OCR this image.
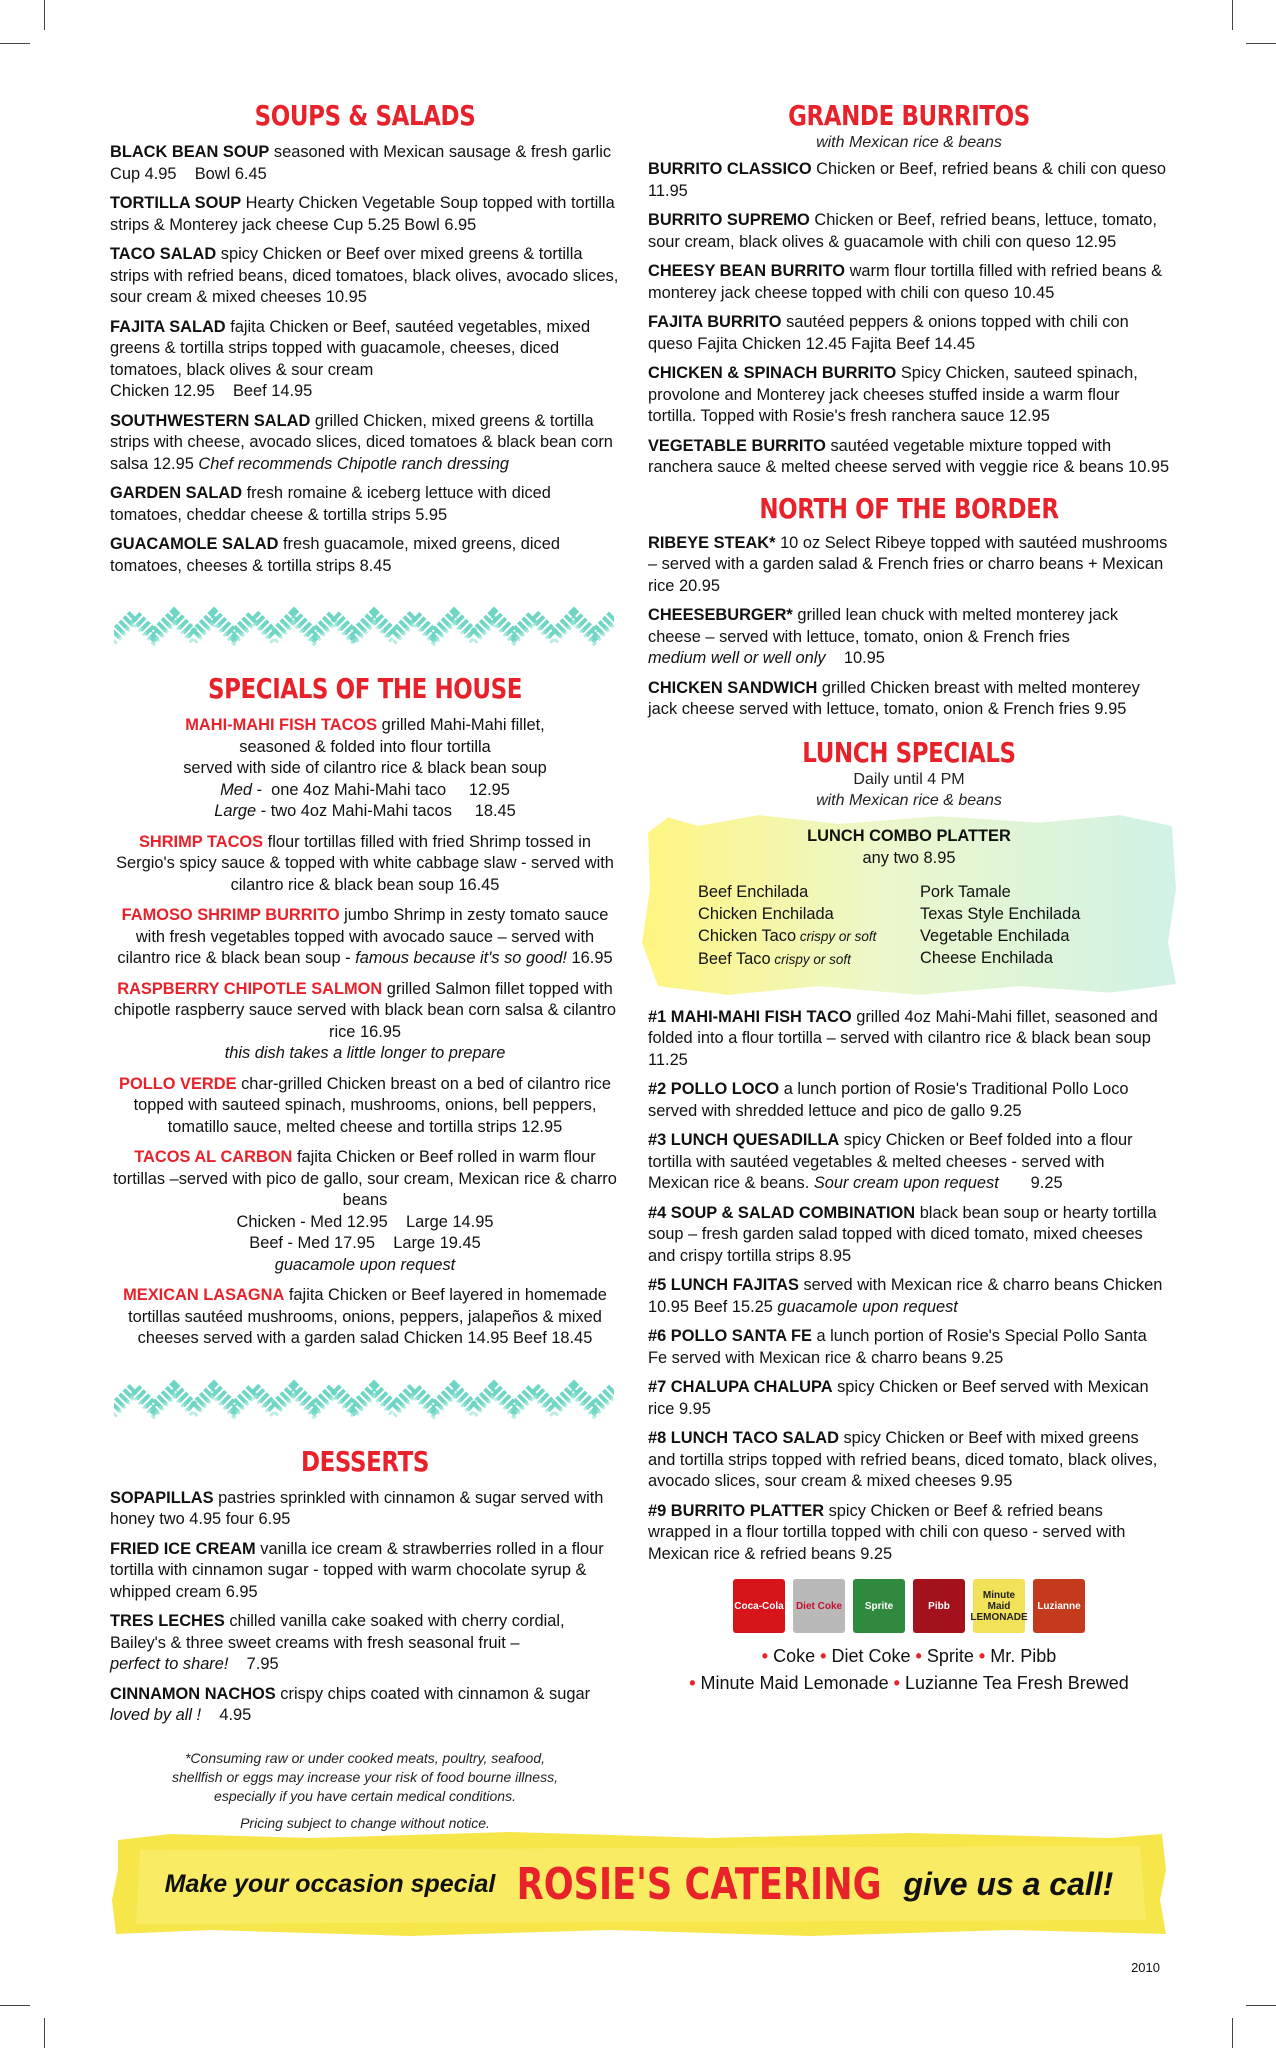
SOUPS & SALADS

BLACK BEAN SOUP seasoned with Mexican sausage & fresh garlic
Cup 4.95    Bowl 6.45

TORTILLA SOUP Hearty Chicken Vegetable Soup topped with tortilla strips & Monterey jack cheese Cup 5.25 Bowl 6.95

TACO SALAD spicy Chicken or Beef over mixed greens & tortilla strips with refried beans, diced tomatoes, black olives, avocado slices, sour cream & mixed cheeses 10.95

FAJITA SALAD fajita Chicken or Beef, sautéed vegetables, mixed greens & tortilla strips topped with guacamole, cheeses, diced tomatoes, black olives & sour cream
Chicken 12.95    Beef 14.95

SOUTHWESTERN SALAD grilled Chicken, mixed greens & tortilla strips with cheese, avocado slices, diced tomatoes & black bean corn salsa 12.95 Chef recommends Chipotle ranch dressing

GARDEN SALAD fresh romaine & iceberg lettuce with diced tomatoes, cheddar cheese & tortilla strips 5.95

GUACAMOLE SALAD fresh guacamole, mixed greens, diced tomatoes, cheeses & tortilla strips 8.45

SPECIALS OF THE HOUSE
MAHI-MAHI FISH TACOS grilled Mahi-Mahi fillet,
seasoned & folded into flour tortilla
served with side of cilantro rice & black bean soup
Med -  one 4oz Mahi-Mahi taco     12.95
Large - two 4oz Mahi-Mahi tacos     18.45
SHRIMP TACOS flour tortillas filled with fried Shrimp tossed in Sergio's spicy sauce & topped with white cabbage slaw - served with cilantro rice & black bean soup 16.45
FAMOSO SHRIMP BURRITO jumbo Shrimp in zesty tomato sauce with fresh vegetables topped with avocado sauce – served with cilantro rice & black bean soup - famous because it's so good! 16.95
RASPBERRY CHIPOTLE SALMON grilled Salmon fillet topped with chipotle raspberry sauce served with black bean corn salsa & cilantro rice 16.95
this dish takes a little longer to prepare
POLLO VERDE char-grilled Chicken breast on a bed of cilantro rice topped with sauteed spinach, mushrooms, onions, bell peppers, tomatillo sauce, melted cheese and tortilla strips 12.95
TACOS AL CARBON fajita Chicken or Beef rolled in warm flour tortillas –served with pico de gallo, sour cream, Mexican rice & charro beans
Chicken - Med 12.95    Large 14.95
Beef - Med 17.95    Large 19.45
guacamole upon request
MEXICAN LASAGNA fajita Chicken or Beef layered in homemade tortillas sautéed mushrooms, onions, peppers, jalapeños & mixed cheeses served with a garden salad Chicken 14.95 Beef 18.45
DESSERTS

SOPAPILLAS pastries sprinkled with cinnamon & sugar served with honey two 4.95 four 6.95

FRIED ICE CREAM vanilla ice cream & strawberries rolled in a flour tortilla with cinnamon sugar - topped with warm chocolate syrup & whipped cream 6.95

TRES LECHES chilled vanilla cake soaked with cherry cordial, Bailey's & three sweet creams with fresh seasonal fruit –
perfect to share!    7.95

CINNAMON NACHOS crispy chips coated with cinnamon & sugar
loved by all !    4.95

*Consuming raw or under cooked meats, poultry, seafood,
shellfish or eggs may increase your risk of food bourne illness,
especially if you have certain medical conditions.

Pricing subject to change without notice.

GRANDE BURRITOS

with Mexican rice & beans

BURRITO CLASSICO Chicken or Beef, refried beans & chili con queso 11.95

BURRITO SUPREMO Chicken or Beef, refried beans, lettuce, tomato, sour cream, black olives & guacamole with chili con queso 12.95

CHEESY BEAN BURRITO warm flour tortilla filled with refried beans & monterey jack cheese topped with chili con queso 10.45

FAJITA BURRITO sautéed peppers & onions topped with chili con queso Fajita Chicken 12.45 Fajita Beef 14.45

CHICKEN & SPINACH BURRITO Spicy Chicken, sauteed spinach, provolone and Monterey jack cheeses stuffed inside a warm flour tortilla. Topped with Rosie's fresh ranchera sauce 12.95

VEGETABLE BURRITO sautéed vegetable mixture topped with ranchera sauce & melted cheese served with veggie rice & beans 10.95

NORTH OF THE BORDER

RIBEYE STEAK* 10 oz Select Ribeye topped with sautéed mushrooms – served with a garden salad & French fries or charro beans + Mexican rice 20.95

CHEESEBURGER* grilled lean chuck with melted monterey jack cheese – served with lettuce, tomato, onion & French fries
medium well or well only    10.95

CHICKEN SANDWICH grilled Chicken breast with melted monterey jack cheese served with lettuce, tomato, onion & French fries 9.95

LUNCH SPECIALS

Daily until 4 PM

with Mexican rice & beans

LUNCH COMBO PLATTER

any two 8.95

Beef Enchilada
Chicken Enchilada
Chicken Taco crispy or soft
Beef Taco crispy or soft
Pork Tamale
Texas Style Enchilada
Vegetable Enchilada
Cheese Enchilada

#1 MAHI-MAHI FISH TACO grilled 4oz Mahi-Mahi fillet, seasoned and folded into a flour tortilla – served with cilantro rice & black bean soup 11.25

#2 POLLO LOCO a lunch portion of Rosie's Traditional Pollo Loco served with shredded lettuce and pico de gallo 9.25

#3 LUNCH QUESADILLA spicy Chicken or Beef folded into a flour tortilla with sautéed vegetables & melted cheeses - served with Mexican rice & beans. Sour cream upon request       9.25

#4 SOUP & SALAD COMBINATION black bean soup or hearty tortilla soup – fresh garden salad topped with diced tomato, mixed cheeses and crispy tortilla strips 8.95

#5 LUNCH FAJITAS served with Mexican rice & charro beans Chicken 10.95 Beef 15.25 guacamole upon request

#6 POLLO SANTA FE a lunch portion of Rosie's Special Pollo Santa Fe served with Mexican rice & charro beans 9.25

#7 CHALUPA CHALUPA spicy Chicken or Beef served with Mexican rice 9.95

#8 LUNCH TACO SALAD spicy Chicken or Beef with mixed greens and tortilla strips topped with refried beans, diced tomato, black olives, avocado slices, sour cream & mixed cheeses 9.95

#9 BURRITO PLATTER spicy Chicken or Beef & refried beans wrapped in a flour tortilla topped with chili con queso - served with Mexican rice & refried beans 9.25

Coca-Cola Diet Coke Sprite	Pibb
Minute Maid LEMONADE
Luzianne

• Coke • Diet Coke • Sprite • Mr. Pibb

• Minute Maid Lemonade • Luzianne Tea Fresh Brewed

Make your occasion special ROSIE'S CATERING give us a call!
2010
